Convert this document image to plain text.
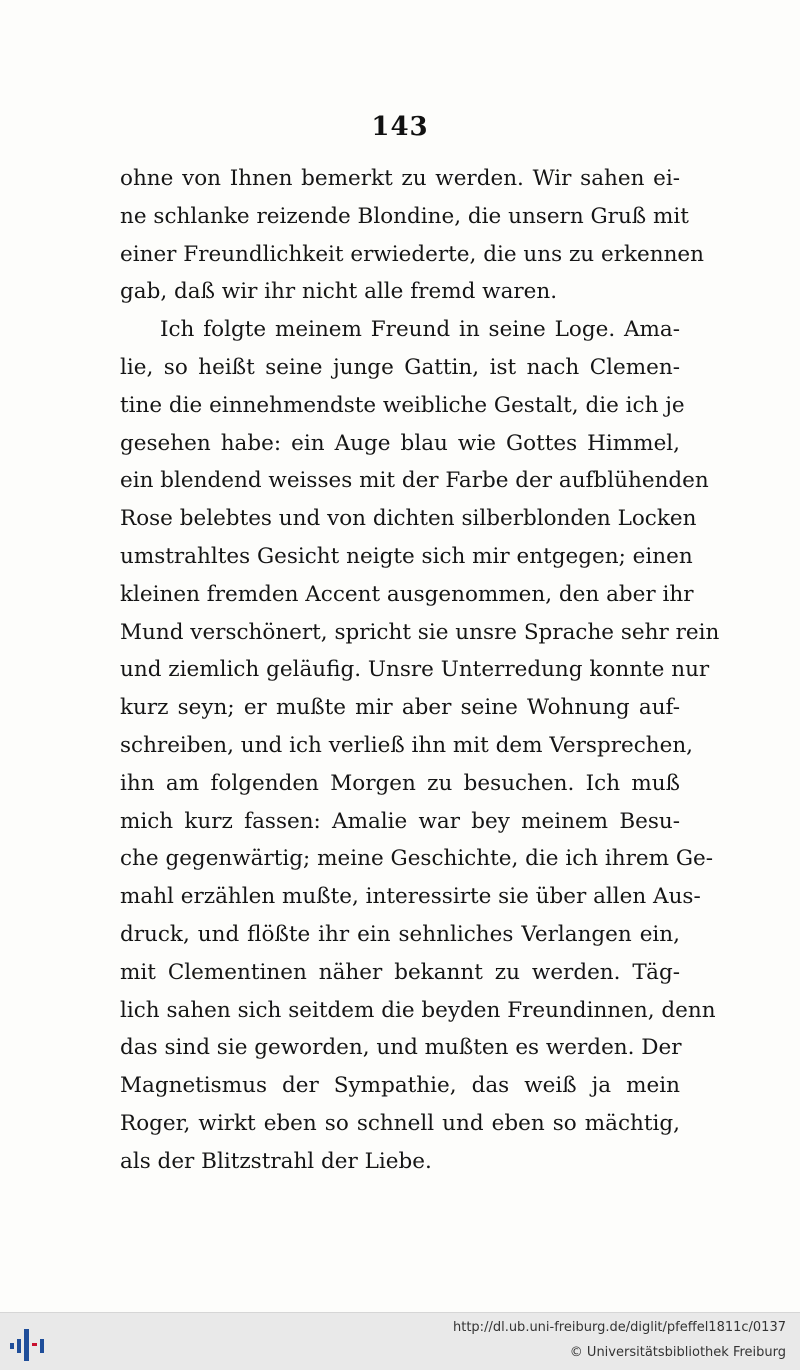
143
ohne von Ihnen bemerkt zu werden. Wir sahen ei-
ne schlanke reizende Blondine, die unsern Gruß mit
einer Freundlichkeit erwiederte, die uns zu erkennen
gab, daß wir ihr nicht alle fremd waren.
Ich folgte meinem Freund in seine Loge. Ama-
lie, so heißt seine junge Gattin, ist nach Clemen-
tine die einnehmendste weibliche Gestalt, die ich je
gesehen habe: ein Auge blau wie Gottes Himmel,
ein blendend weisses mit der Farbe der aufblühenden
Rose belebtes und von dichten silberblonden Locken
umstrahltes Gesicht neigte sich mir entgegen; einen
kleinen fremden Accent ausgenommen, den aber ihr
Mund verschönert, spricht sie unsre Sprache sehr rein
und ziemlich geläufig. Unsre Unterredung konnte nur
kurz seyn; er mußte mir aber seine Wohnung auf-
schreiben, und ich verließ ihn mit dem Versprechen,
ihn am folgenden Morgen zu besuchen. Ich muß
mich kurz fassen: Amalie war bey meinem Besu-
che gegenwärtig; meine Geschichte, die ich ihrem Ge-
mahl erzählen mußte, interessirte sie über allen Aus-
druck, und flößte ihr ein sehnliches Verlangen ein,
mit Clementinen näher bekannt zu werden. Täg-
lich sahen sich seitdem die beyden Freundinnen, denn
das sind sie geworden, und mußten es werden. Der
Magnetismus der Sympathie, das weiß ja mein
Roger, wirkt eben so schnell und eben so mächtig,
als der Blitzstrahl der Liebe.
http://dl.ub.uni-freiburg.de/diglit/pfeffel1811c/0137
© Universitätsbibliothek Freiburg
